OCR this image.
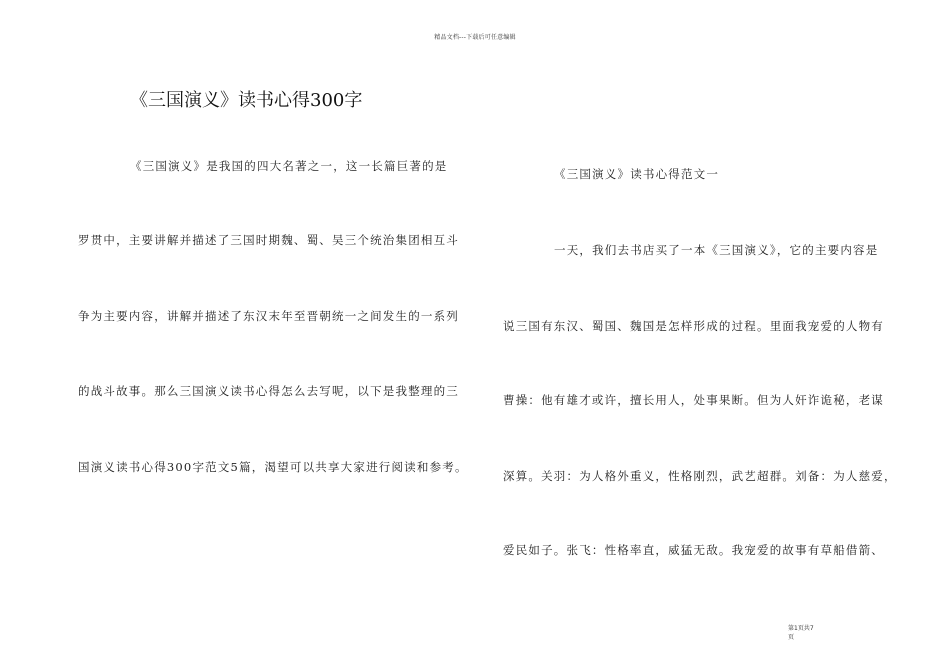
精品文档---下载后可任意编辑
《三国演义》读书心得300字
《三国演义》是我国的四大名著之一，这一长篇巨著的是
罗贯中，主要讲解并描述了三国时期魏、蜀、吴三个统治集团相互斗
争为主要内容，讲解并描述了东汉末年至晋朝统一之间发生的一系列
的战斗故事。那么三国演义读书心得怎么去写呢，以下是我整理的三
国演义读书心得300字范文5篇，渴望可以共享大家进行阅读和参考。
《三国演义》读书心得范文一
一天，我们去书店买了一本《三国演义》，它的主要内容是
说三国有东汉、蜀国、魏国是怎样形成的过程。里面我宠爱的人物有
曹操：他有雄才或许，擅长用人，处事果断。但为人奸诈诡秘，老谋
深算。关羽：为人格外重义，性格刚烈，武艺超群。刘备：为人慈爱，
爱民如子。张飞：性格率直，威猛无敌。我宠爱的故事有草船借箭、
第1页共7
页
